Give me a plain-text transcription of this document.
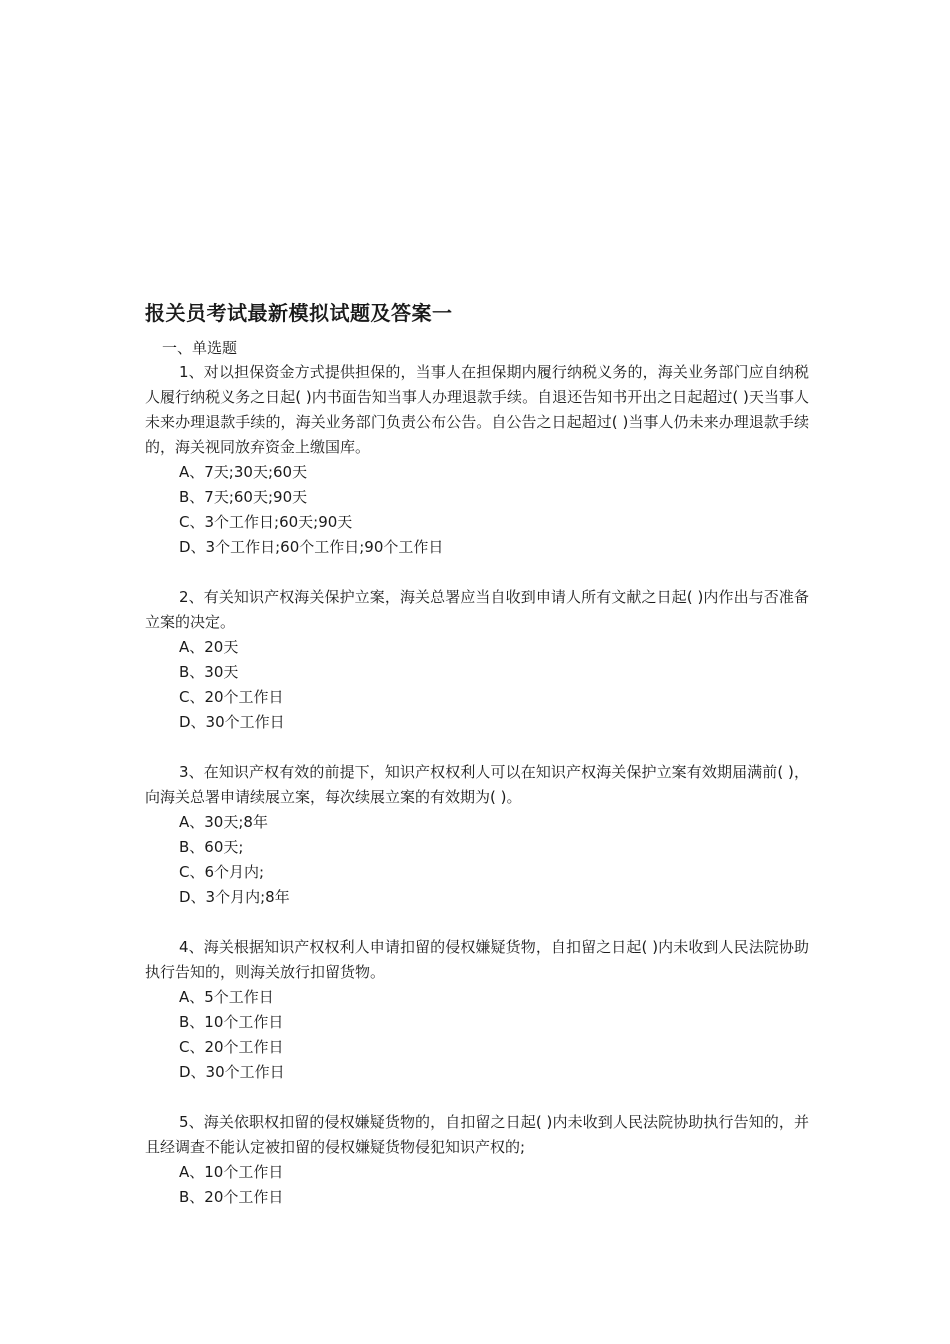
报关员考试最新模拟试题及答案一

一、单选题

1、对以担保资金方式提供担保的，当事人在担保期内履行纳税义务的，海关业务部门应自纳税人履行纳税义务之日起( )内书面告知当事人办理退款手续。自退还告知书开出之日起超过( )天当事人未来办理退款手续的，海关业务部门负责公布公告。自公告之日起超过( )当事人仍未来办理退款手续的，海关视同放弃资金上缴国库。

A、7天;30天;60天

B、7天;60天;90天

C、3个工作日;60天;90天

D、3个工作日;60个工作日;90个工作日

2、有关知识产权海关保护立案，海关总署应当自收到申请人所有文献之日起( )内作出与否准备立案的决定。

A、20天

B、30天

C、20个工作日

D、30个工作日

3、在知识产权有效的前提下，知识产权权利人可以在知识产权海关保护立案有效期届满前( )，向海关总署申请续展立案，每次续展立案的有效期为( )。

A、30天;8年

B、60天;

C、6个月内;

D、3个月内;8年

4、海关根据知识产权权利人申请扣留的侵权嫌疑货物，自扣留之日起( )内未收到人民法院协助执行告知的，则海关放行扣留货物。

A、5个工作日

B、10个工作日

C、20个工作日

D、30个工作日

5、海关依职权扣留的侵权嫌疑货物的，自扣留之日起( )内未收到人民法院协助执行告知的，并且经调查不能认定被扣留的侵权嫌疑货物侵犯知识产权的;

A、10个工作日

B、20个工作日
